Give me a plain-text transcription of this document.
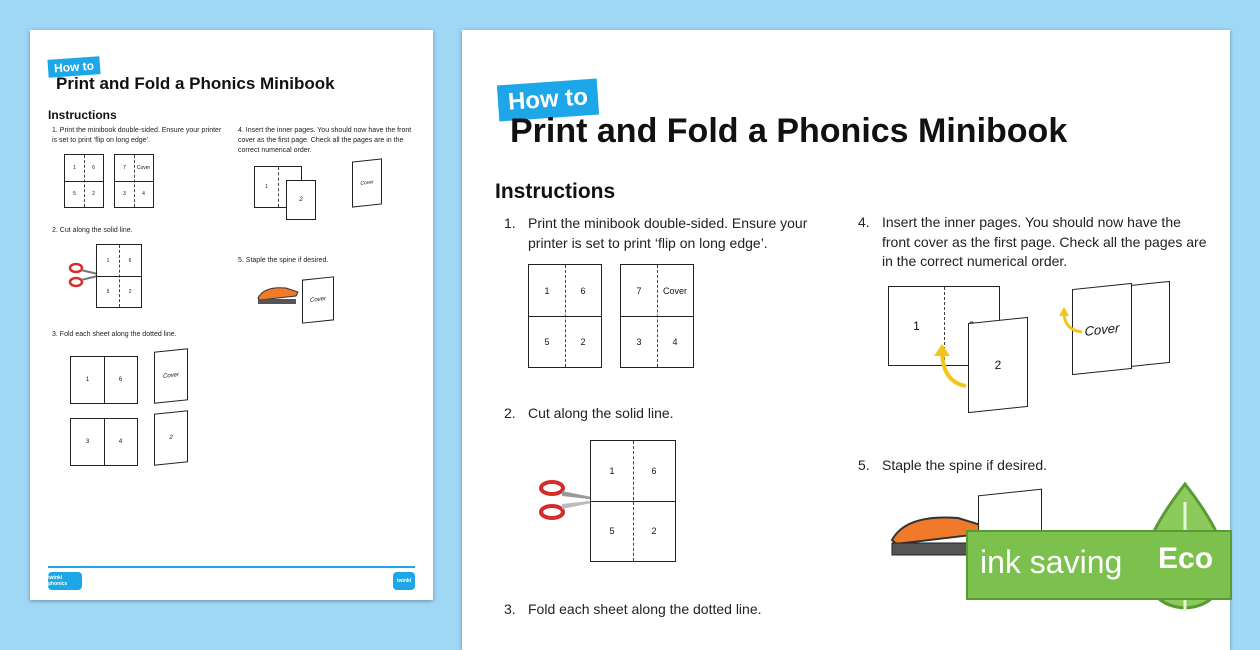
How to
Print and Fold a Phonics Minibook
Instructions
1. Print the minibook double-sided. Ensure your printer is set to print ‘flip on long edge’.
1	6
5	2
7	Cover
3	4
2. Cut along the solid line.
1	6
5	2
3. Fold each sheet along the dotted line.
1	6
Cover
3	4
2
4. Insert the inner pages. You should now have the front cover as the first page. Check all the pages are in the correct numerical order.
1
2
Cover
5. Staple the spine if desired.
Cover
twinkl phonics	twinkl
How to
Print and Fold a Phonics Minibook
Instructions
1. Print the minibook double-sided. Ensure your printer is set to print ‘flip on long edge’.
1	6
5	2
7	Cover
3	4
2. Cut along the solid line.
1	6
5	2
3. Fold each sheet along the dotted line.
4. Insert the inner pages. You should now have the front cover as the first page. Check all the pages are in the correct numerical order.
1
2
Cover
5. Staple the spine if desired.
ink saving Eco
